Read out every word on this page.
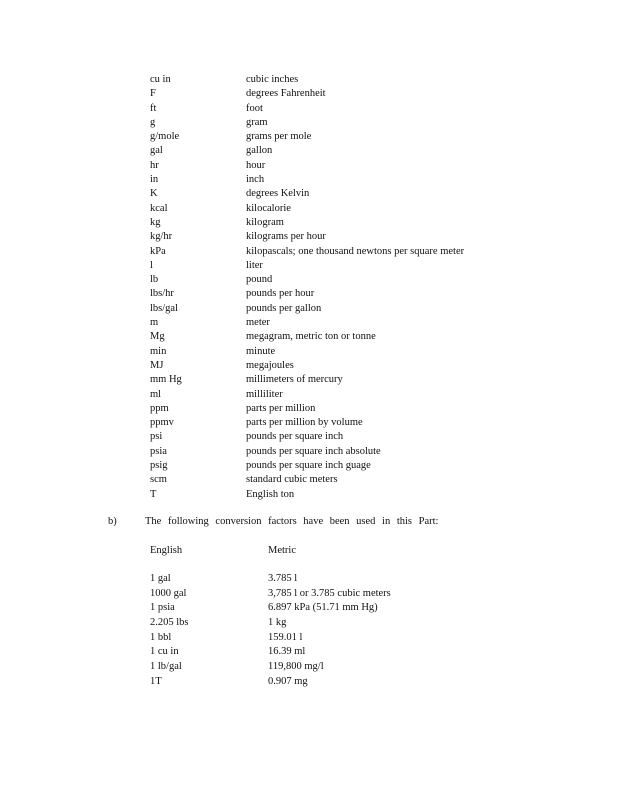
cu in	cubic inches
F	degrees Fahrenheit
ft	foot
g	gram
g/mole	grams per mole
gal	gallon
hr	hour
in	inch
K	degrees Kelvin
kcal	kilocalorie
kg	kilogram
kg/hr	kilograms per hour
kPa	kilopascals; one thousand newtons per square meter
l	liter
lb	pound
lbs/hr	pounds per hour
lbs/gal	pounds per gallon
m	meter
Mg	megagram, metric ton or tonne
min	minute
MJ	megajoules
mm Hg	millimeters of mercury
ml	milliliter
ppm	parts per million
ppmv	parts per million by volume
psi	pounds per square inch
psia	pounds per square inch absolute
psig	pounds per square inch guage
scm	standard cubic meters
T	English ton

b)

	The following conversion factors have been used in this Part:

English	Metric
1 gal	3.785 l
1000 gal	3,785 l or 3.785 cubic meters
1 psia	6.897 kPa (51.71 mm Hg)
2.205 lbs	1 kg
1 bbl	159.01 l
1 cu in	16.39 ml
1 lb/gal	119,800 mg/l
1T	0.907 mg
